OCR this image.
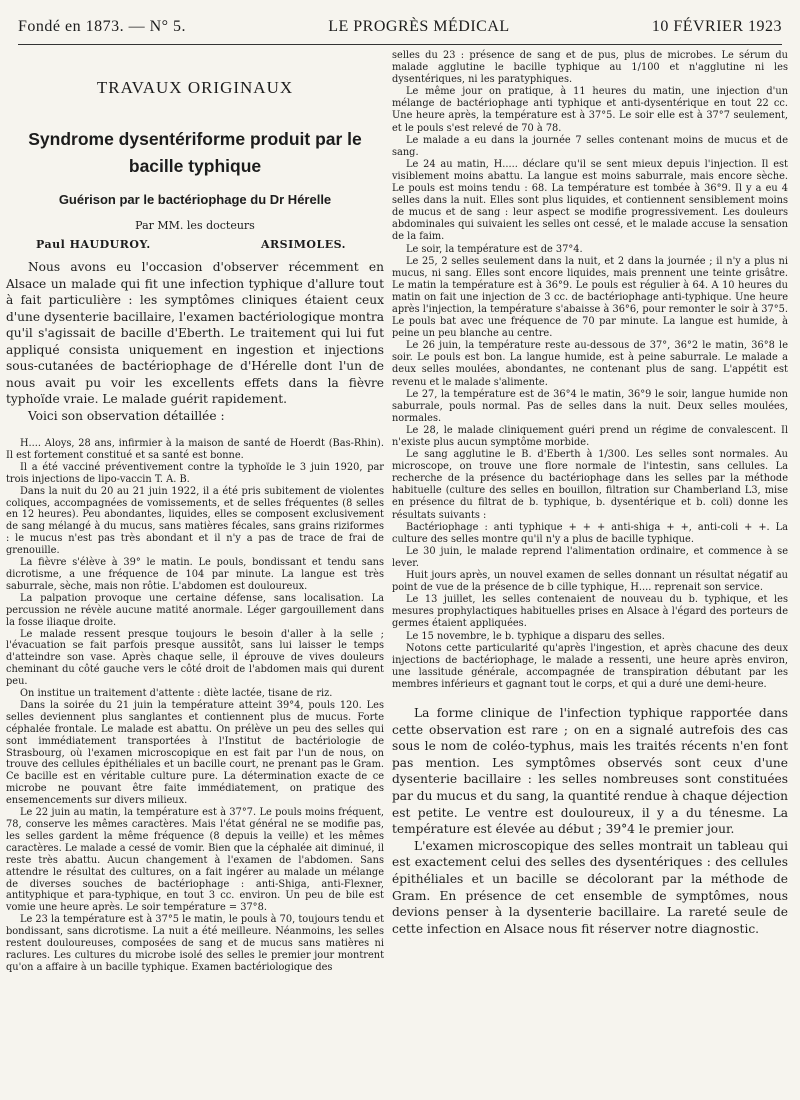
Fondé en 1873. — N° 5.	LE PROGRÈS MÉDICAL	10 FÉVRIER 1923
TRAVAUX ORIGINAUX

Syndrome dysentériforme produit par le

bacille typhique

Guérison par le bactériophage du Dr Hérelle
Par MM. les docteurs
Paul HAUDUROY.	ARSIMOLES.

Nous avons eu l'occasion d'observer récemment en Alsace un malade qui fit une infection typhique d'allure tout à fait particulière : les symptômes cliniques étaient ceux d'une dysenterie bacillaire, l'examen bactériologique montra qu'il s'agissait de bacille d'Eberth. Le traitement qui lui fut appliqué consista uniquement en ingestion et injections sous-cutanées de bactériophage de d'Hérelle dont l'un de nous avait pu voir les excellents effets dans la fièvre typhoïde vraie. Le malade guérit rapidement.

Voici son observation détaillée :

H.... Aloys, 28 ans, infirmier à la maison de santé de Hoerdt (Bas-Rhin). Il est fortement constitué et sa santé est bonne.

Il a été vacciné préventivement contre la typhoïde le 3 juin 1920, par trois injections de lipo-vaccin T. A. B.

Dans la nuit du 20 au 21 juin 1922, il a été pris subitement de violentes coliques, accompagnées de vomissements, et de selles fréquentes (8 selles en 12 heures). Peu abondantes, liquides, elles se composent exclusivement de sang mélangé à du mucus, sans matières fécales, sans grains riziformes : le mucus n'est pas très abondant et il n'y a pas de trace de frai de grenouille.

La fièvre s'élève à 39° le matin. Le pouls, bondissant et tendu sans dicrotisme, a une fréquence de 104 par minute. La langue est très saburrale, sèche, mais non rôtie. L'abdomen est douloureux.

La palpation provoque une certaine défense, sans localisation. La percussion ne révèle aucune matité anormale. Léger gargouillement dans la fosse iliaque droite.

Le malade ressent presque toujours le besoin d'aller à la selle ; l'évacuation se fait parfois presque aussitôt, sans lui laisser le temps d'atteindre son vase. Après chaque selle, il éprouve de vives douleurs cheminant du côté gauche vers le côté droit de l'abdomen mais qui durent peu.

On institue un traitement d'attente : diète lactée, tisane de riz.

Dans la soirée du 21 juin la température atteint 39°4, pouls 120. Les selles deviennent plus sanglantes et contiennent plus de mucus. Forte céphalée frontale. Le malade est abattu. On prélève un peu des selles qui sont immédiatement transportées à l'Institut de bactériologie de Strasbourg, où l'examen microscopique en est fait par l'un de nous, on trouve des cellules épithéliales et un bacille court, ne prenant pas le Gram. Ce bacille est en véritable culture pure. La détermination exacte de ce microbe ne pouvant être faite immédiatement, on pratique des ensemencements sur divers milieux.

Le 22 juin au matin, la température est à 37°7. Le pouls moins fréquent, 78, conserve les mêmes caractères. Mais l'état général ne se modifie pas, les selles gardent la même fréquence (8 depuis la veille) et les mêmes caractères. Le malade a cessé de vomir. Bien que la céphalée ait diminué, il reste très abattu. Aucun changement à l'examen de l'abdomen. Sans attendre le résultat des cultures, on a fait ingérer au malade un mélange de diverses souches de bactériophage : anti-Shiga, anti-Flexner, antityphique et para-typhique, en tout 3 cc. environ. Un peu de bile est vomie une heure après. Le soir température = 37°8.

Le 23 la température est à 37°5 le matin, le pouls à 70, toujours tendu et bondissant, sans dicrotisme. La nuit a été meilleure. Néanmoins, les selles restent douloureuses, composées de sang et de mucus sans matières ni raclures. Les cultures du microbe isolé des selles le premier jour montrent qu'on a affaire à un bacille typhique. Examen bactériologique des

selles du 23 : présence de sang et de pus, plus de microbes. Le sérum du malade agglutine le bacille typhique au 1/100 et n'agglutine ni les dysentériques, ni les paratyphiques.

Le même jour on pratique, à 11 heures du matin, une injection d'un mélange de bactériophage anti typhique et anti-dysentérique en tout 22 cc. Une heure après, la température est à 37°5. Le soir elle est à 37°7 seulement, et le pouls s'est relevé de 70 à 78.

Le malade a eu dans la journée 7 selles contenant moins de mucus et de sang.

Le 24 au matin, H..... déclare qu'il se sent mieux depuis l'injection. Il est visiblement moins abattu. La langue est moins saburrale, mais encore sèche. Le pouls est moins tendu : 68. La température est tombée à 36°9. Il y a eu 4 selles dans la nuit. Elles sont plus liquides, et contiennent sensiblement moins de mucus et de sang : leur aspect se modifie progressivement. Les douleurs abdominales qui suivaient les selles ont cessé, et le malade accuse la sensation de la faim.

Le soir, la température est de 37°4.

Le 25, 2 selles seulement dans la nuit, et 2 dans la journée ; il n'y a plus ni mucus, ni sang. Elles sont encore liquides, mais prennent une teinte grisâtre. Le matin la température est à 36°9. Le pouls est régulier à 64. A 10 heures du matin on fait une injection de 3 cc. de bactériophage anti-typhique. Une heure après l'injection, la température s'abaisse à 36°6, pour remonter le soir à 37°5. Le pouls bat avec une fréquence de 70 par minute. La langue est humide, à peine un peu blanche au centre.

Le 26 juin, la température reste au-dessous de 37°, 36°2 le matin, 36°8 le soir. Le pouls est bon. La langue humide, est à peine saburrale. Le malade a deux selles moulées, abondantes, ne contenant plus de sang. L'appétit est revenu et le malade s'alimente.

Le 27, la température est de 36°4 le matin, 36°9 le soir, langue humide non saburrale, pouls normal. Pas de selles dans la nuit. Deux selles moulées, normales.

Le 28, le malade cliniquement guéri prend un régime de convalescent. Il n'existe plus aucun symptôme morbide.

Le sang agglutine le B. d'Eberth à 1/300. Les selles sont normales. Au microscope, on trouve une flore normale de l'intestin, sans cellules. La recherche de la présence du bactériophage dans les selles par la méthode habituelle (culture des selles en bouillon, filtration sur Chamberland L3, mise en présence du filtrat de b. typhique, b. dysentérique et b. coli) donne les résultats suivants :

Bactériophage : anti typhique + + + anti-shiga + +, anti-coli + +. La culture des selles montre qu'il n'y a plus de bacille typhique.

Le 30 juin, le malade reprend l'alimentation ordinaire, et commence à se lever.

Huit jours après, un nouvel examen de selles donnant un résultat négatif au point de vue de la présence de b cille typhique, H.... reprenait son service.

Le 13 juillet, les selles contenaient de nouveau du b. typhique, et les mesures prophylactiques habituelles prises en Alsace à l'égard des porteurs de germes étaient appliquées.

Le 15 novembre, le b. typhique a disparu des selles.

Notons cette particularité qu'après l'ingestion, et après chacune des deux injections de bactériophage, le malade a ressenti, une heure après environ, une lassitude générale, accompagnée de transpiration débutant par les membres inférieurs et gagnant tout le corps, et qui a duré une demi-heure.

La forme clinique de l'infection typhique rapportée dans cette observation est rare ; on en a signalé autrefois des cas sous le nom de coléo-typhus, mais les traités récents n'en font pas mention. Les symptômes observés sont ceux d'une dysenterie bacillaire : les selles nombreuses sont constituées par du mucus et du sang, la quantité rendue à chaque déjection est petite. Le ventre est douloureux, il y a du ténesme. La température est élevée au début ; 39°4 le premier jour.

L'examen microscopique des selles montrait un tableau qui est exactement celui des selles des dysentériques : des cellules épithéliales et un bacille se décolorant par la méthode de Gram. En présence de cet ensemble de symptômes, nous devions penser à la dysenterie bacillaire. La rareté seule de cette infection en Alsace nous fit réserver notre diagnostic.
